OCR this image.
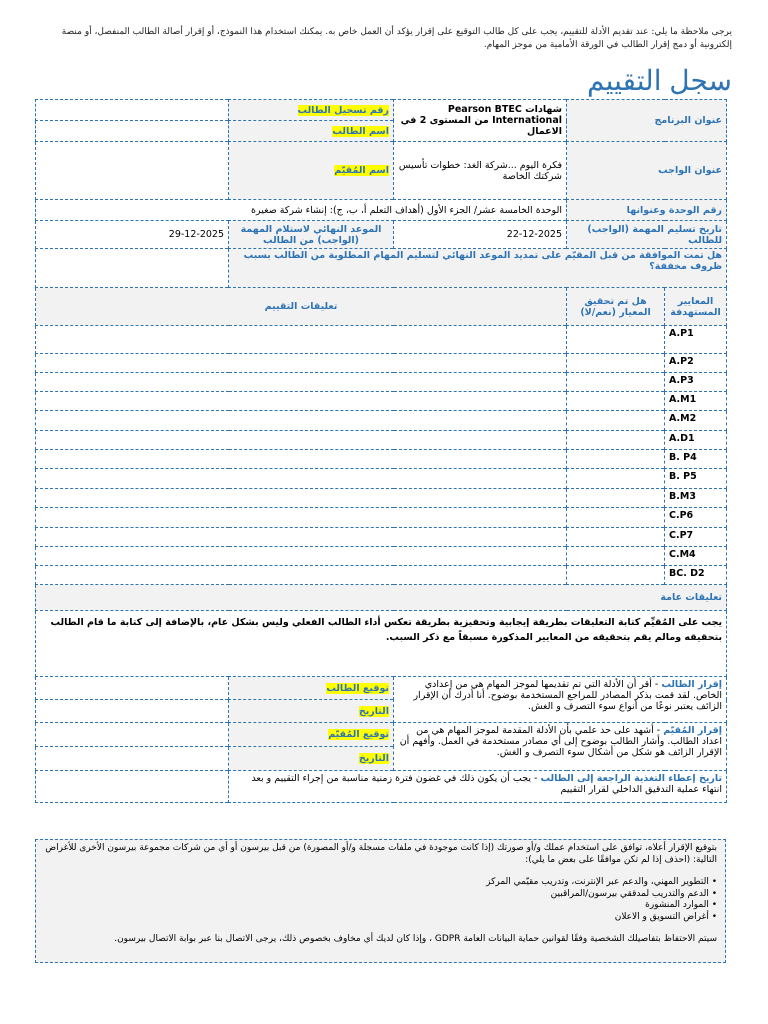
يرجى ملاحظة ما يلي: عند تقديم الأدلة للتقييم، يجب على كل طالب التوقيع على إقرار يؤكد أن العمل خاص به. يمكنك استخدام هذا النموذج، أو إقرار أصالة الطالب المنفصل، أو منصة إلكترونية أو دمج إقرار الطالب في الورقة الأمامية من موجز المهام.
سجل التقييم
عنوان البرنامج		شهادات Pearson BTEC International من المستوى 2 في الاعمال	رقم تسجيل الطالب	
			اسم الطالب	
عنوان الواجب		فكرة اليوم ...شركة الغد: خطوات تأسيس شركتك الخاصة	اسم المُقيّم	
رقم الوحدة وعنوانها		الوحدة الخامسة عشر/ الجزء الأول (أهداف التعلم أ، ب، ج): إنشاء شركة صغيرة		
تاريخ تسليم المهمة (الواجب) للطالب		22-12-2025	الموعد النهائي لاستلام المهمة (الواجب) من الطالب	29-12-2025
هل تمت الموافقة من قبل المقيّم على تمديد الموعد النهائي لتسليم المهام المطلوبة من الطالب بسبب ظروف مخففة؟				
المعايير المستهدفة	هل تم تحقيق المعيار (نعم/لا)	تعليقات التقييم		
A.P1				
A.P2				
A.P3				
A.M1				
A.M2				
A.D1				
B. P4				
B. P5				
B.M3				
C.P6				
C.P7				
C.M4				
BC. D2				
تعليقات عامة				
يجب على المُقيِّم كتابة التعليقات بطريقة إيجابية وتحفيزية بطريقة تعكس أداء الطالب الفعلي وليس بشكل عام، بالإضافة إلى كتابة ما قام الطالب بتحقيقه ومالم يقم بتحقيقه من المعايير المذكورة مسبقاً مع ذكر السبب.				
إقرار الطالب - أقر أن الأدلة التي تم تقديمها لموجز المهام هي من إعدادي الخاص. لقد قمت بذكر المصادر للمراجع المستخدمة بوضوح. أنا أدرك أن الإقرار الزائف يعتبر نوعًا من أنواع سوء التصرف و الغش.			توقيع الطالب	
			التاريخ	
إقرار المُقيّم - أشهد على حد علمي بأن الأدلة المقدمة لموجز المهام هي من اعداد الطالب. وأشار الطالب بوضوح إلى أي مصادر مستخدمة في العمل. وأفهم أن الإقرار الزائف هو شكل من أشكال سوء التصرف و الغش.			توقيع المُقيّم	
			التاريخ	
تاريخ إعطاء التغذية الراجعة إلى الطالب - يجب أن يكون ذلك في غضون فترة زمنية مناسبة من إجراء التقييم و بعد انتهاء عملية التدقيق الداخلي لقرار التقييم				
بتوقيع الإقرار أعلاه، توافق على استخدام عملك و/أو صورتك (إذا كانت موجودة في ملفات مسجلة و/أو المصورة) من قبل بيرسون أو أي من شركات مجموعة بيرسون الأخرى للأغراض التالية: (احذف إذا لم تكن موافقًا على بعض ما يلي):
• التطوير المهني، والدعم عبر الإنترنت، وتدريب مقيّمي المركز
• الدعم والتدريب لمدققي بيرسون/المراقبين
• الموارد المنشورة
• أغراض التسويق و الاعلان
سيتم الاحتفاظ بتفاصيلك الشخصية وفقًا لقوانين حماية البيانات العامة GDPR ، وإذا كان لديك أي مخاوف بخصوص ذلك، يرجى الاتصال بنا عبر بوابة الاتصال بيرسون.
